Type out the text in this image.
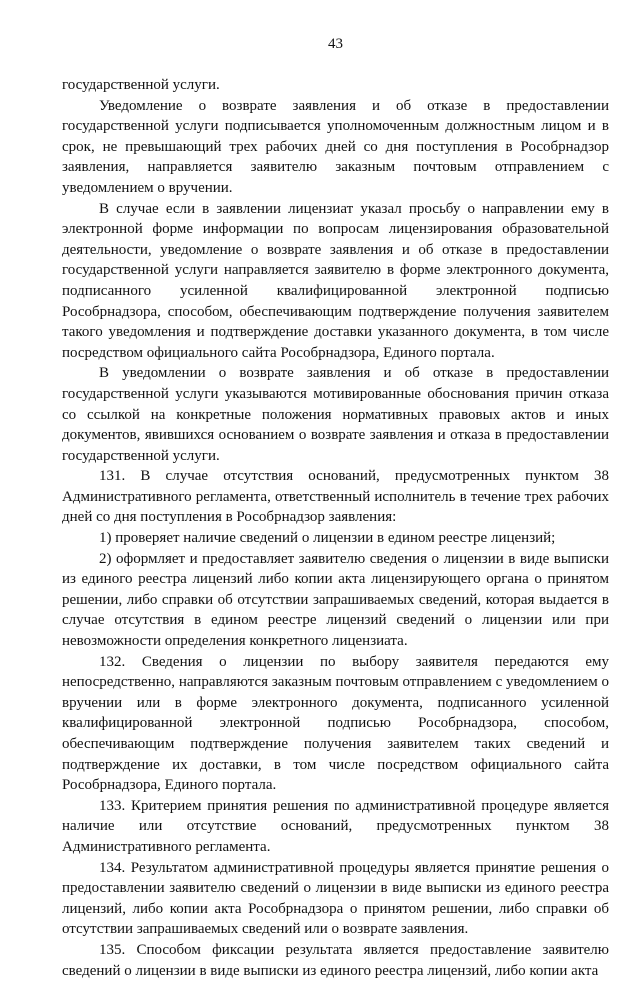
43

государственной услуги.

Уведомление о возврате заявления и об отказе в предоставлении государственной услуги подписывается уполномоченным должностным лицом и в срок, не превышающий трех рабочих дней со дня поступления в Рособрнадзор заявления, направляется заявителю заказным почтовым отправлением с уведомлением о вручении.

В случае если в заявлении лицензиат указал просьбу о направлении ему в электронной форме информации по вопросам лицензирования образовательной деятельности, уведомление о возврате заявления и об отказе в предоставлении государственной услуги направляется заявителю в форме электронного документа, подписанного усиленной квалифицированной электронной подписью Рособрнадзора, способом, обеспечивающим подтверждение получения заявителем такого уведомления и подтверждение доставки указанного документа, в том числе посредством официального сайта Рособрнадзора, Единого портала.

В уведомлении о возврате заявления и об отказе в предоставлении государственной услуги указываются мотивированные обоснования причин отказа со ссылкой на конкретные положения нормативных правовых актов и иных документов, явившихся основанием о возврате заявления и отказа в предоставлении государственной услуги.

131. В случае отсутствия оснований, предусмотренных пунктом 38 Административного регламента, ответственный исполнитель в течение трех рабочих дней со дня поступления в Рособрнадзор заявления:

1) проверяет наличие сведений о лицензии в едином реестре лицензий;

2) оформляет и предоставляет заявителю сведения о лицензии в виде выписки из единого реестра лицензий либо копии акта лицензирующего органа о принятом решении, либо справки об отсутствии запрашиваемых сведений, которая выдается в случае отсутствия в едином реестре лицензий сведений о лицензии или при невозможности определения конкретного лицензиата.

132. Сведения о лицензии по выбору заявителя передаются ему непосредственно, направляются заказным почтовым отправлением с уведомлением о вручении или в форме электронного документа, подписанного усиленной квалифицированной электронной подписью Рособрнадзора, способом, обеспечивающим подтверждение получения заявителем таких сведений и подтверждение их доставки, в том числе посредством официального сайта Рособрнадзора, Единого портала.

133. Критерием принятия решения по административной процедуре является наличие или отсутствие оснований, предусмотренных пунктом 38 Административного регламента.

134. Результатом административной процедуры является принятие решения о предоставлении заявителю сведений о лицензии в виде выписки из единого реестра лицензий, либо копии акта Рособрнадзора о принятом решении, либо справки об отсутствии запрашиваемых сведений или о возврате заявления.

135. Способом фиксации результата является предоставление заявителю сведений о лицензии в виде выписки из единого реестра лицензий, либо копии акта
